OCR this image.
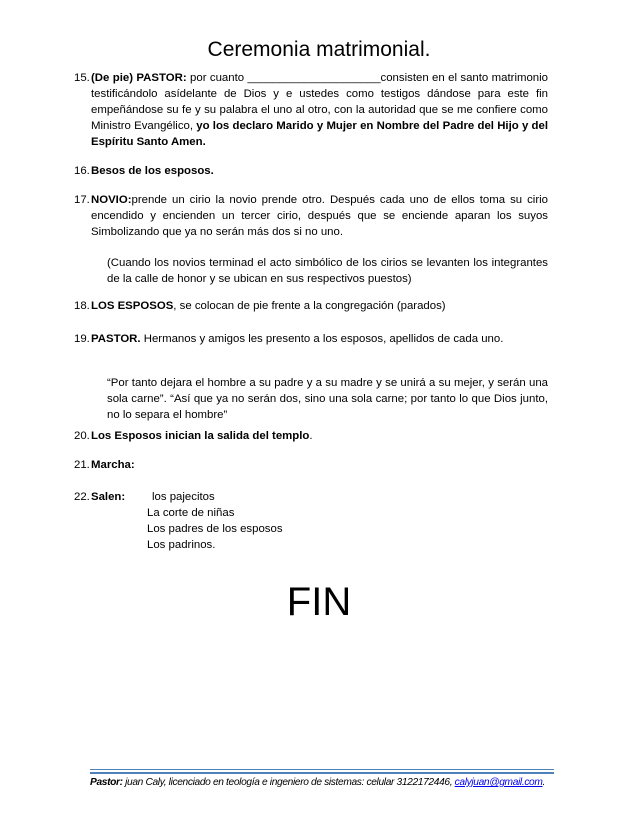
Ceremonia matrimonial.
15. (De pie) PASTOR: por cuanto _____________________consisten en el santo matrimonio testificándolo asídelante de Dios y e ustedes como testigos dándose para este fin empeñándose su fe y su palabra el uno al otro, con la autoridad que se me confiere como Ministro Evangélico, yo los declaro Marido y Mujer en Nombre del Padre del Hijo y del Espíritu Santo Amen.
16. Besos de los esposos.
17. NOVIO:prende un cirio la novio prende otro. Después cada uno de ellos toma su cirio encendido y encienden un tercer cirio, después que se enciende aparan los suyos Simbolizando que ya no serán más dos si no uno.
(Cuando los novios terminad el acto simbólico de los cirios se levanten los integrantes de la calle de honor y se ubican en sus respectivos puestos)
18. LOS ESPOSOS, se colocan de pie frente a la congregación (parados)
19. PASTOR. Hermanos y amigos les presento a los esposos, apellidos de cada uno.
“Por tanto dejara el hombre a su padre y a su madre y se unirá a su mejer, y serán una sola carne”. “Así que ya no serán dos, sino una sola carne; por tanto lo que Dios junto, no lo separa el hombre”
20. Los Esposos inician la salida del templo.
21. Marcha:
22. Salen:	los pajecitos
La corte de niñas
Los padres de los esposos
Los padrinos.
FIN
Pastor: juan Caly, licenciado en teología e ingeniero de sistemas: celular 3122172446, calyjuan@gmail.com.
